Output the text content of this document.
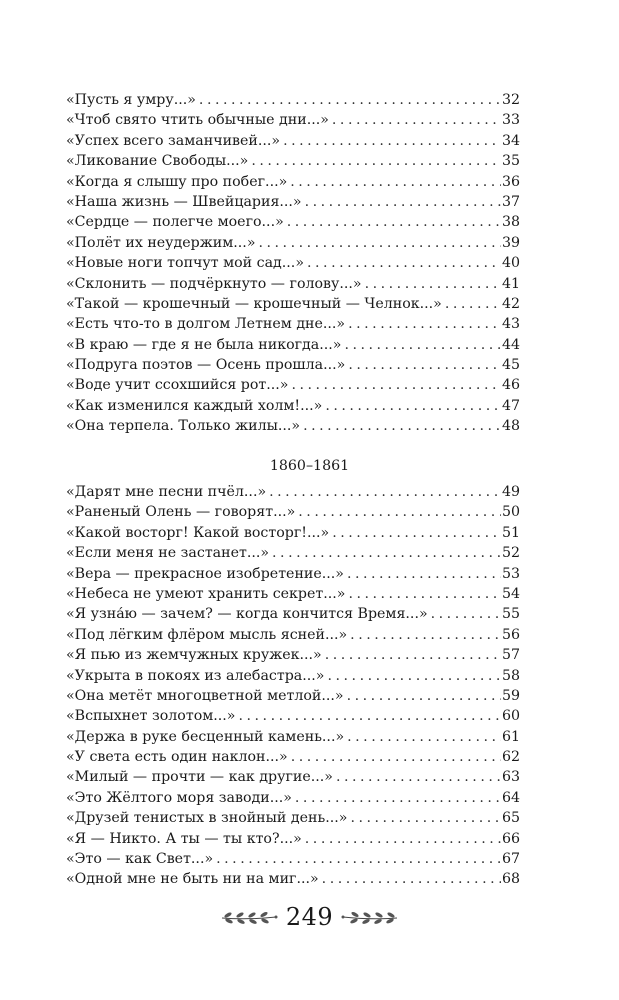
«Пусть я умру...» . . .	32
«Чтоб свято чтить обычные дни...» . . .	33
«Успех всего заманчивей...» . . .	34
«Ликование Свободы...» . . .	35
«Когда я слышу про побег...» . . .	36
«Наша жизнь — Швейцария...» . . .	37
«Сердце — полегче моего...» . . .	38
«Полёт их неудержим...» . . .	39
«Новые ноги топчут мой сад...» . . .	40
«Склонить — подчёркнуто — голову...» . . .	41
«Такой — крошечный — крошечный — Челнок...» . . .	42
«Есть что-то в долгом Летнем дне...» . . .	43
«В краю — где я не была никогда...» . . .	44
«Подруга поэтов — Осень прошла...» . . .	45
«Воде учит ссохшийся рот...» . . .	46
«Как изменился каждый холм!...» . . .	47
«Она терпела. Только жилы...» . . .	48
1860–1861
«Дарят мне песни пчёл...» . . .	49
«Раненый Олень — говорят...» . . .	50
«Какой восторг! Какой восторг!...» . . .	51
«Если меня не застанет...» . . .	52
«Вера — прекрасное изобретение...» . . .	53
«Небеса не умеют хранить секрет...» . . .	54
«Я узна́ю — зачем? — когда кончится Время...» . . .	55
«Под лёгким флёром мысль ясней...» . . .	56
«Я пью из жемчужных кружек...» . . .	57
«Укрыта в покоях из алебастра...» . . .	58
«Она метёт многоцветной метлой...» . . .	59
«Вспыхнет золотом...» . . .	60
«Держа в руке бесценный камень...» . . .	61
«У света есть один наклон...» . . .	62
«Милый — прочти — как другие...» . . .	63
«Это Жёлтого моря заводи...» . . .	64
«Друзей тенистых в знойный день...» . . .	65
«Я — Никто. А ты — ты кто?...» . . .	66
«Это — как Свет...» . . .	67
«Одной мне не быть ни на миг...» . . .	68
249
